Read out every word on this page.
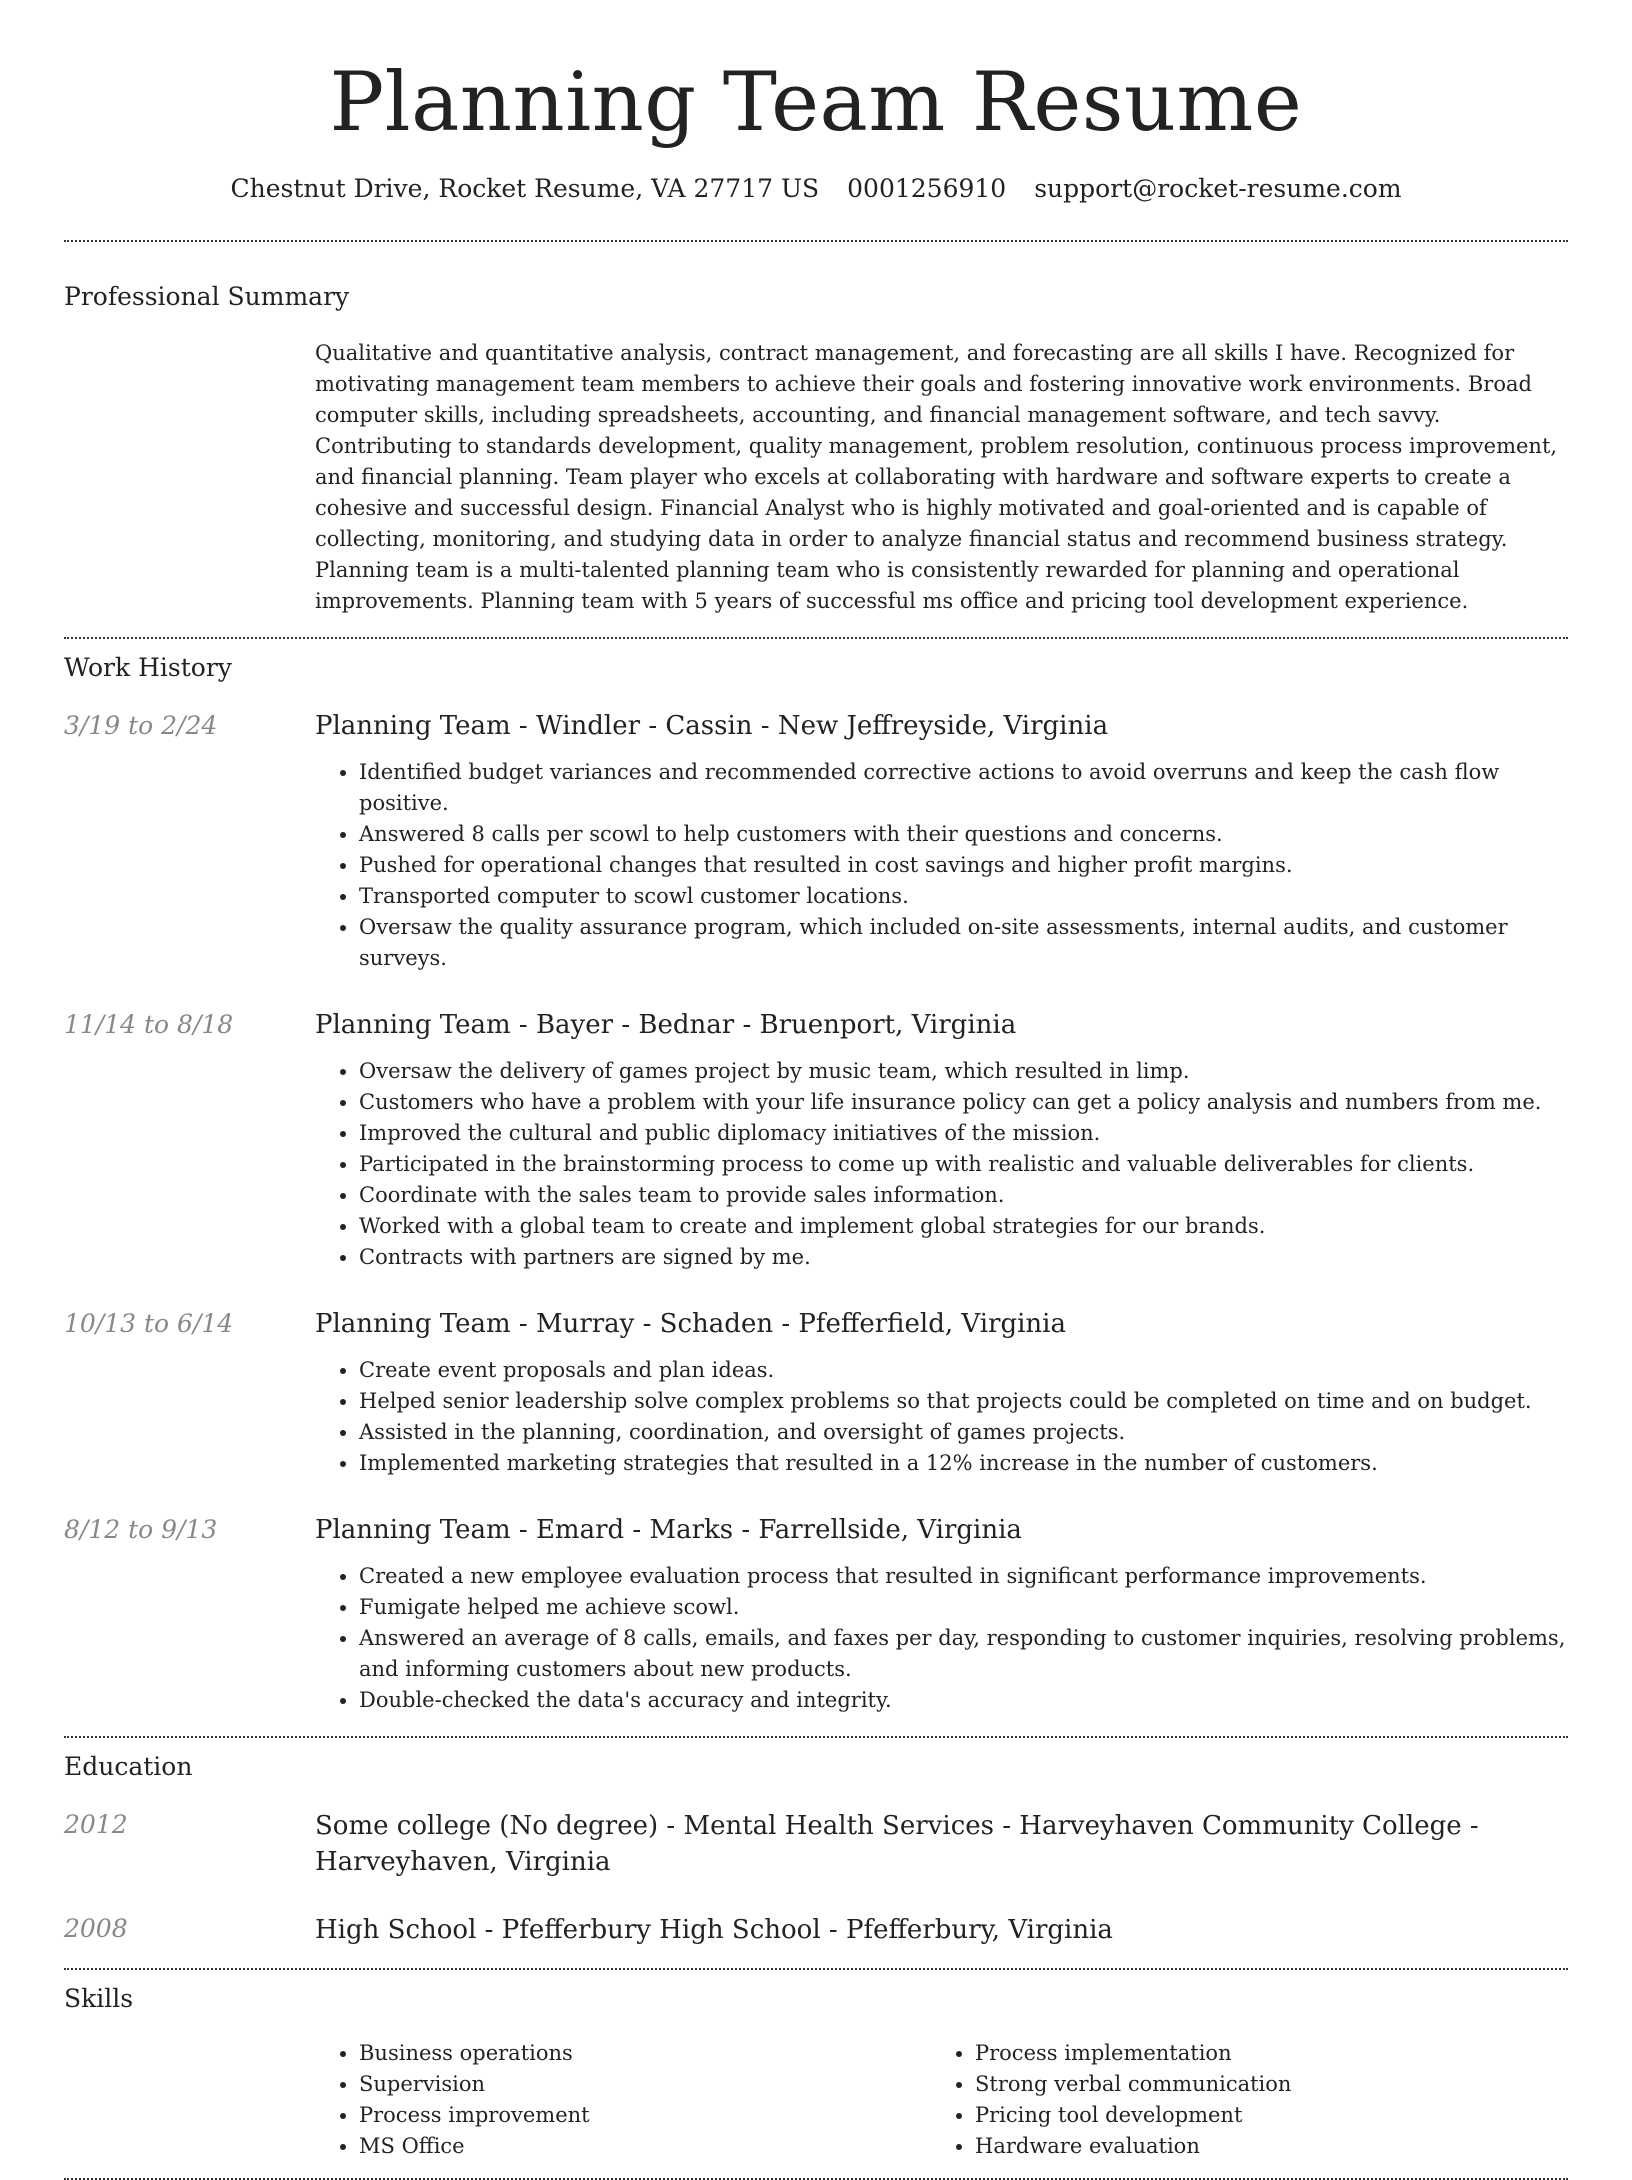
Planning Team Resume
Chestnut Drive, Rocket Resume, VA 27717 US 0001256910 support@rocket-resume.com
Professional Summary

Qualitative and quantitative analysis, contract management, and forecasting are all skills I have. Recognized for motivating management team members to achieve their goals and fostering innovative work environments. Broad computer skills, including spreadsheets, accounting, and financial management software, and tech savvy. Contributing to standards development, quality management, problem resolution, continuous process improvement, and financial planning. Team player who excels at collaborating with hardware and software experts to create a cohesive and successful design. Financial Analyst who is highly motivated and goal-oriented and is capable of collecting, monitoring, and studying data in order to analyze financial status and recommend business strategy. Planning team is a multi-talented planning team who is consistently rewarded for planning and operational improvements. Planning team with 5 years of successful ms office and pricing tool development experience.

Work History
3/19 to 2/24	Planning Team - Windler - Cassin - New Jeffreyside, Virginia

• Identified budget variances and recommended corrective actions to avoid overruns and keep the cash flow positive.
• Answered 8 calls per scowl to help customers with their questions and concerns.
• Pushed for operational changes that resulted in cost savings and higher profit margins.
• Transported computer to scowl customer locations.
• Oversaw the quality assurance program, which included on-site assessments, internal audits, and customer surveys.
11/14 to 8/18	Planning Team - Bayer - Bednar - Bruenport, Virginia

• Oversaw the delivery of games project by music team, which resulted in limp.
• Customers who have a problem with your life insurance policy can get a policy analysis and numbers from me.
• Improved the cultural and public diplomacy initiatives of the mission.
• Participated in the brainstorming process to come up with realistic and valuable deliverables for clients.
• Coordinate with the sales team to provide sales information.
• Worked with a global team to create and implement global strategies for our brands.
• Contracts with partners are signed by me.
10/13 to 6/14	Planning Team - Murray - Schaden - Pfefferfield, Virginia

• Create event proposals and plan ideas.
• Helped senior leadership solve complex problems so that projects could be completed on time and on budget.
• Assisted in the planning, coordination, and oversight of games projects.
• Implemented marketing strategies that resulted in a 12% increase in the number of customers.
8/12 to 9/13	Planning Team - Emard - Marks - Farrellside, Virginia

• Created a new employee evaluation process that resulted in significant performance improvements.
• Fumigate helped me achieve scowl.
• Answered an average of 8 calls, emails, and faxes per day, responding to customer inquiries, resolving problems, and informing customers about new products.
• Double-checked the data's accuracy and integrity.
Education
2012	Some college (No degree) - Mental Health Services - Harveyhaven Community College - Harveyhaven, Virginia

2008	High School - Pfefferbury High School - Pfefferbury, Virginia

Skills
• Business operations
• Supervision
• Process improvement
• MS Office
• Process implementation
• Strong verbal communication
• Pricing tool development
• Hardware evaluation
